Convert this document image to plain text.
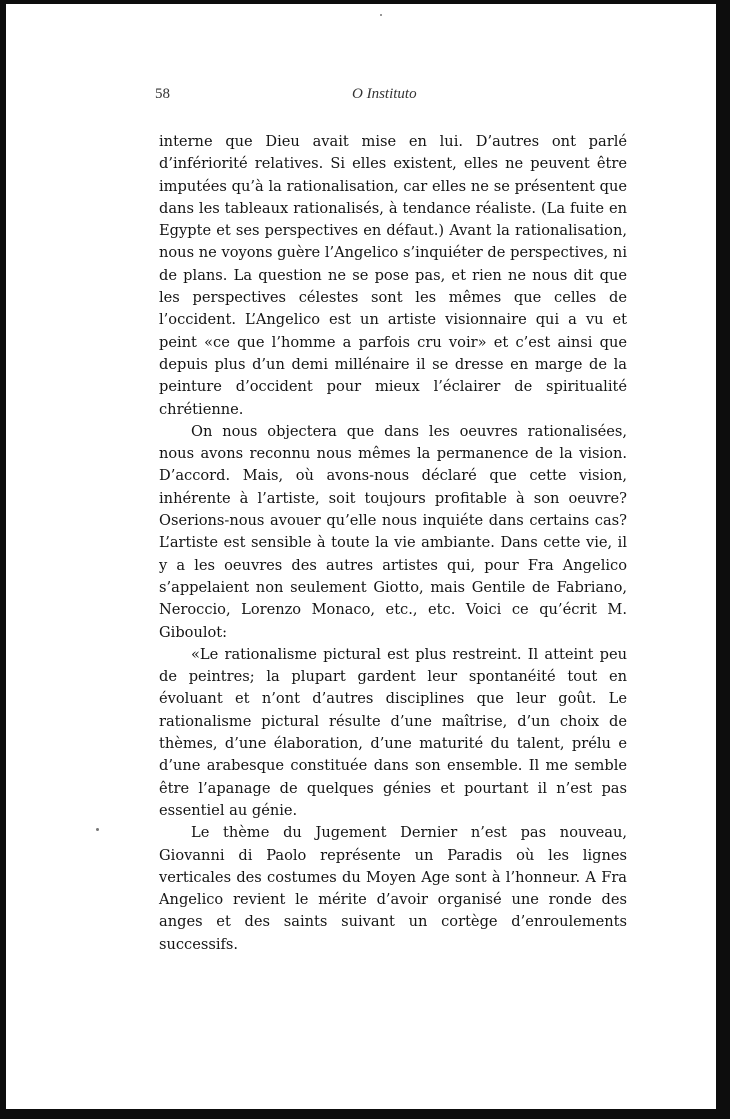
58	O Instituto

interne que Dieu avait mise en lui. D’autres ont parlé d’infériorité relatives. Si elles existent, elles ne peuvent être imputées qu’à la rationalisation, car elles ne se présentent que dans les tableaux rationalisés, à tendance réaliste. (La fuite en Egypte et ses perspectives en défaut.) Avant la rationalisation, nous ne voyons guère l’Angelico s’inquiéter de perspectives, ni de plans. La question ne se pose pas, et rien ne nous dit que les perspectives célestes sont les mêmes que celles de l’occident. L’Angelico est un artiste visionnaire qui a vu et peint «ce que l’homme a parfois cru voir» et c’est ainsi que depuis plus d’un demi millénaire il se dresse en marge de la peinture d’occident pour mieux l’éclairer de spiritualité chrétienne.

On nous objectera que dans les oeuvres rationalisées, nous avons reconnu nous mêmes la permanence de la vision. D’accord. Mais, où avons-nous déclaré que cette vision, inhérente à l’artiste, soit toujours profitable à son oeuvre? Oserions-nous avouer qu’elle nous inquiéte dans certains cas? L’artiste est sensible à toute la vie ambiante. Dans cette vie, il y a les oeuvres des autres artistes qui, pour Fra Angelico s’appelaient non seulement Giotto, mais Gentile de Fabriano, Neroccio, Lorenzo Monaco, etc., etc. Voici ce qu’écrit M. Giboulot:

«Le rationalisme pictural est plus restreint. Il atteint peu de peintres; la plupart gardent leur spontanéité tout en évoluant et n’ont d’autres disciplines que leur goût. Le rationalisme pictural résulte d’une maîtrise, d’un choix de thèmes, d’une élaboration, d’une maturité du talent, prélu e d’une arabesque constituée dans son ensemble. Il me semble être l’apanage de quelques génies et pourtant il n’est pas essentiel au génie.

Le thème du Jugement Dernier n’est pas nouveau, Giovanni di Paolo représente un Paradis où les lignes verticales des costumes du Moyen Age sont à l’honneur. A Fra Angelico revient le mérite d’avoir organisé une ronde des anges et des saints suivant un cortège d’enroulements successifs.
